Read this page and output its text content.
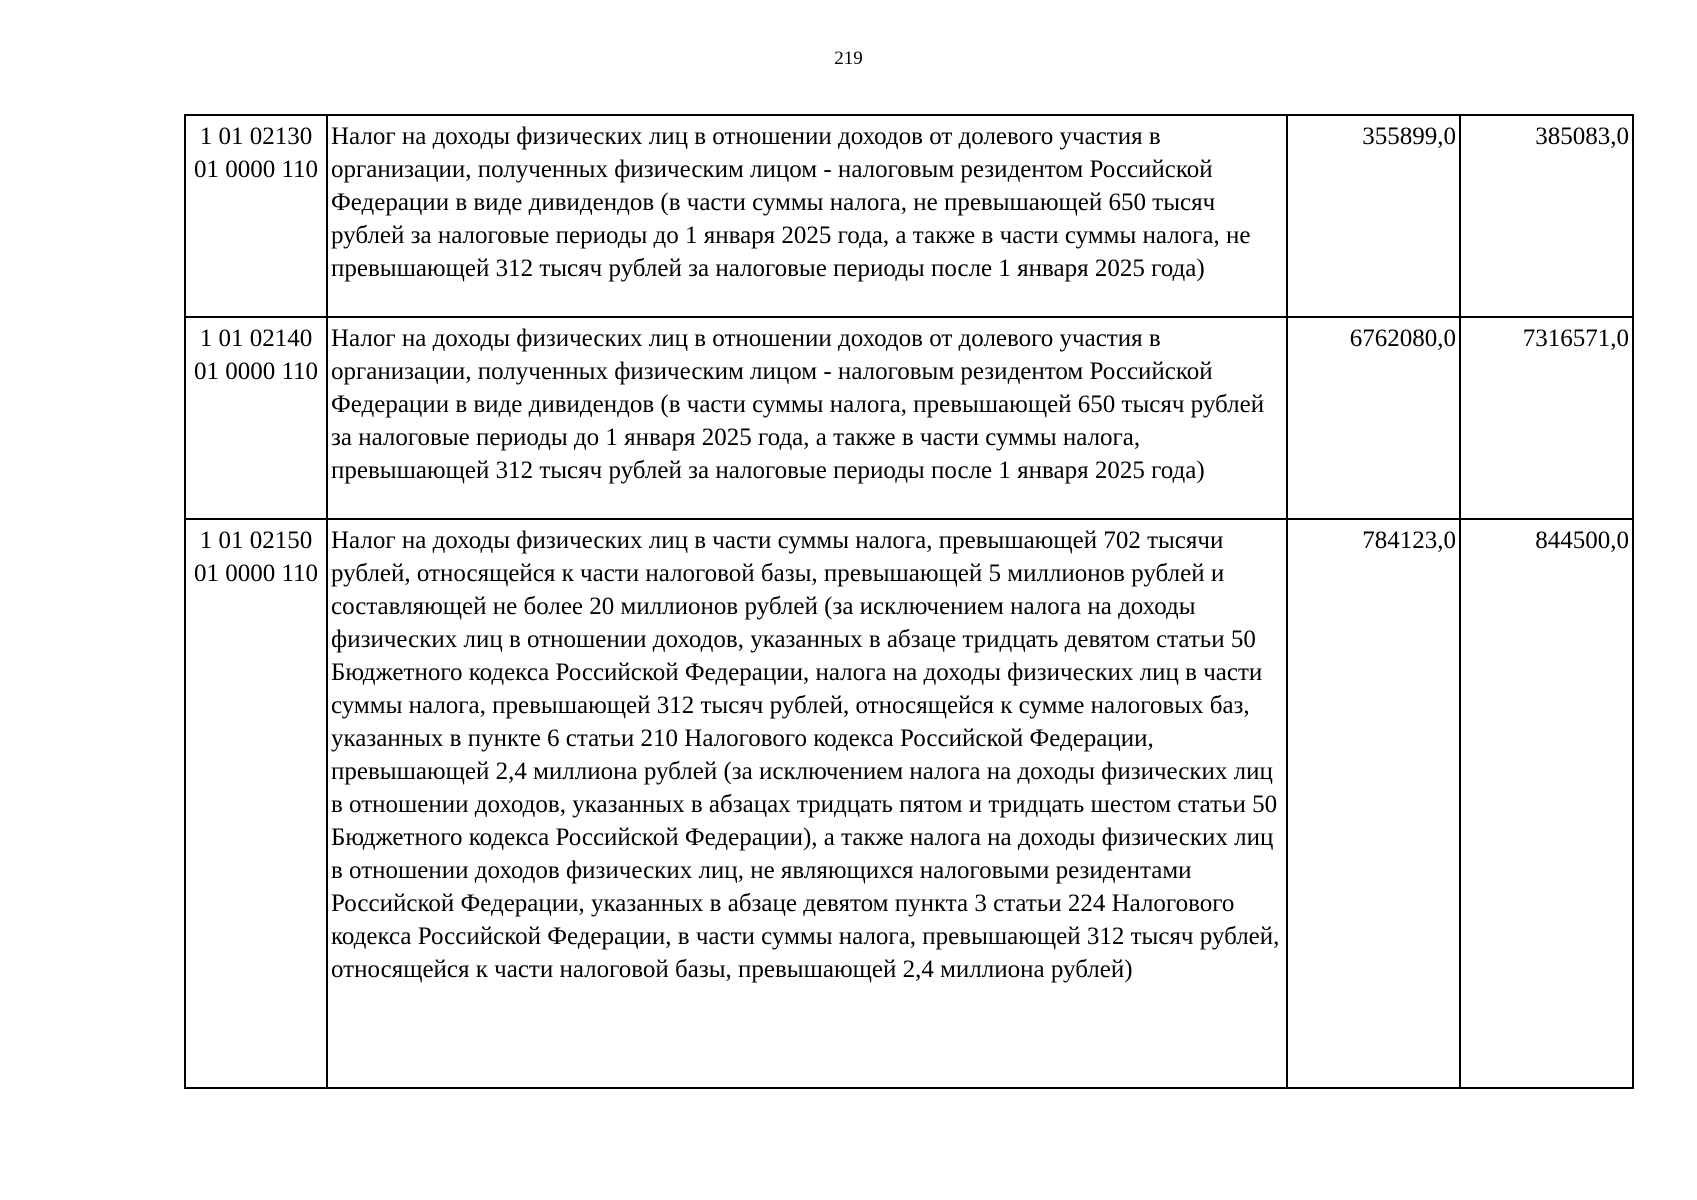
219
1 01 02130
01 0000 110	Налог на доходы физических лиц в отношении доходов от долевого участия в организации, полученных физическим лицом - налоговым резидентом Российской Федерации в виде дивидендов (в части суммы налога, не превышающей 650 тысяч рублей за налоговые периоды до 1 января 2025 года, а также в части суммы налога, не превышающей 312 тысяч рублей за налоговые периоды после 1 января 2025 года)	355899,0	385083,0
1 01 02140
01 0000 110	Налог на доходы физических лиц в отношении доходов от долевого участия в организации, полученных физическим лицом - налоговым резидентом Российской Федерации в виде дивидендов (в части суммы налога, превышающей 650 тысяч рублей за налоговые периоды до 1 января 2025 года, а также в части суммы налога, превышающей 312 тысяч рублей за налоговые периоды после 1 января 2025 года)	6762080,0	7316571,0
1 01 02150
01 0000 110	Налог на доходы физических лиц в части суммы налога, превышающей 702 тысячи рублей, относящейся к части налоговой базы, превышающей 5 миллионов рублей и составляющей не более 20 миллионов рублей (за исключением налога на доходы физических лиц в отношении доходов, указанных в абзаце тридцать девятом статьи 50 Бюджетного кодекса Российской Федерации, налога на доходы физических лиц в части суммы налога, превышающей 312 тысяч рублей, относящейся к сумме налоговых баз, указанных в пункте 6 статьи 210 Налогового кодекса Российской Федерации, превышающей 2,4 миллиона рублей (за исключением налога на доходы физических лиц в отношении доходов, указанных в абзацах тридцать пятом и тридцать шестом статьи 50 Бюджетного кодекса Российской Федерации), а также налога на доходы физических лиц в отношении доходов физических лиц, не являющихся налоговыми резидентами Российской Федерации, указанных в абзаце девятом пункта 3 статьи 224 Налогового кодекса Российской Федерации, в части суммы налога, превышающей 312 тысяч рублей, относящейся к части налоговой базы, превышающей 2,4 миллиона рублей)	784123,0	844500,0
